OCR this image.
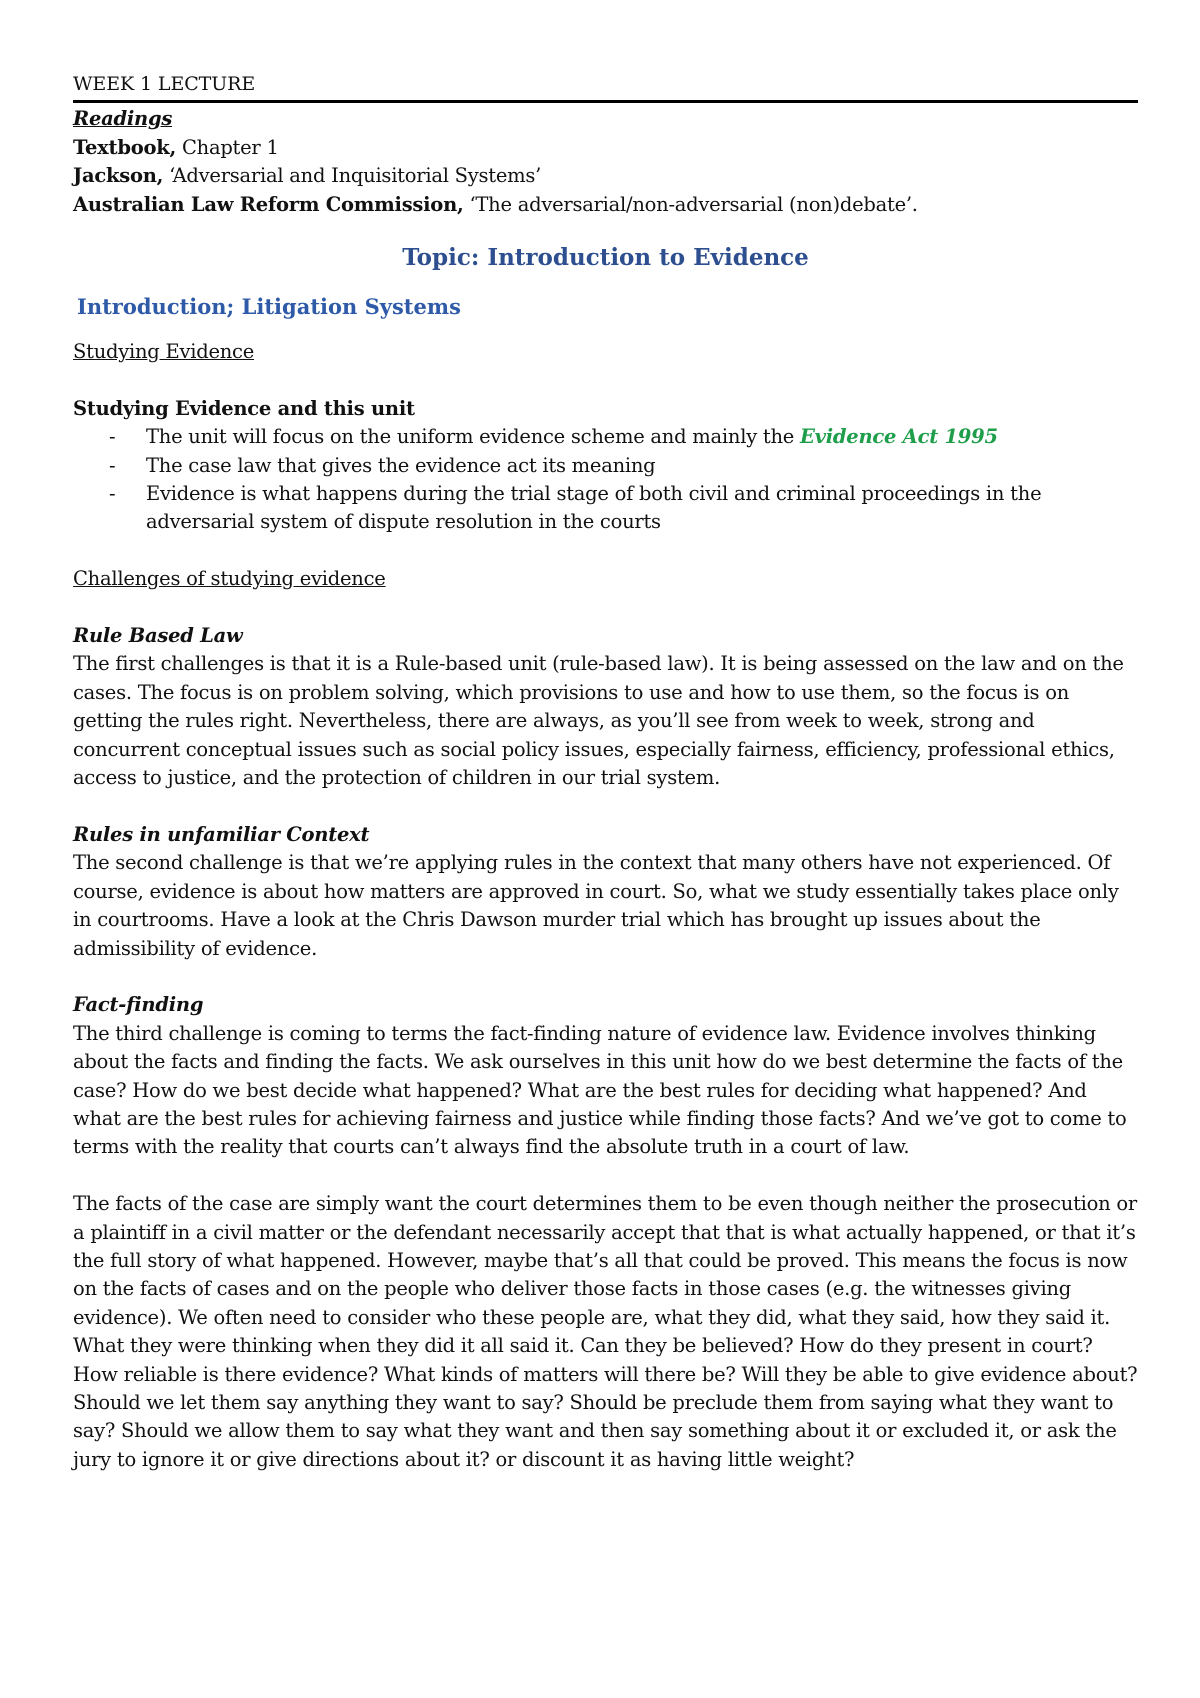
WEEK 1 LECTURE
Readings
Textbook, Chapter 1
Jackson, ‘Adversarial and Inquisitorial Systems’
Australian Law Reform Commission, ‘The adversarial/non-adversarial (non)debate’.
Topic: Introduction to Evidence
Introduction; Litigation Systems
Studying Evidence
Studying Evidence and this unit
- The unit will focus on the uniform evidence scheme and mainly the Evidence Act 1995
- The case law that gives the evidence act its meaning
- Evidence is what happens during the trial stage of both civil and criminal proceedings in the adversarial system of dispute resolution in the courts
Challenges of studying evidence
Rule Based Law

The first challenges is that it is a Rule-based unit (rule-based law). It is being assessed on the law and on the cases. The focus is on problem solving, which provisions to use and how to use them, so the focus is on getting the rules right. Nevertheless, there are always, as you’ll see from week to week, strong and concurrent conceptual issues such as social policy issues, especially fairness, efficiency, professional ethics, access to justice, and the protection of children in our trial system.

Rules in unfamiliar Context

The second challenge is that we’re applying rules in the context that many others have not experienced. Of course, evidence is about how matters are approved in court. So, what we study essentially takes place only in courtrooms. Have a look at the Chris Dawson murder trial which has brought up issues about the admissibility of evidence.

Fact-finding

The third challenge is coming to terms the fact-finding nature of evidence law. Evidence involves thinking about the facts and finding the facts. We ask ourselves in this unit how do we best determine the facts of the case? How do we best decide what happened? What are the best rules for deciding what happened? And what are the best rules for achieving fairness and justice while finding those facts? And we’ve got to come to terms with the reality that courts can’t always find the absolute truth in a court of law.

The facts of the case are simply want the court determines them to be even though neither the prosecution or a plaintiff in a civil matter or the defendant necessarily accept that that is what actually happened, or that it’s the full story of what happened. However, maybe that’s all that could be proved. This means the focus is now on the facts of cases and on the people who deliver those facts in those cases (e.g. the witnesses giving evidence). We often need to consider who these people are, what they did, what they said, how they said it. What they were thinking when they did it all said it. Can they be believed? How do they present in court? How reliable is there evidence? What kinds of matters will there be? Will they be able to give evidence about? Should we let them say anything they want to say? Should be preclude them from saying what they want to say? Should we allow them to say what they want and then say something about it or excluded it, or ask the jury to ignore it or give directions about it? or discount it as having little weight?
